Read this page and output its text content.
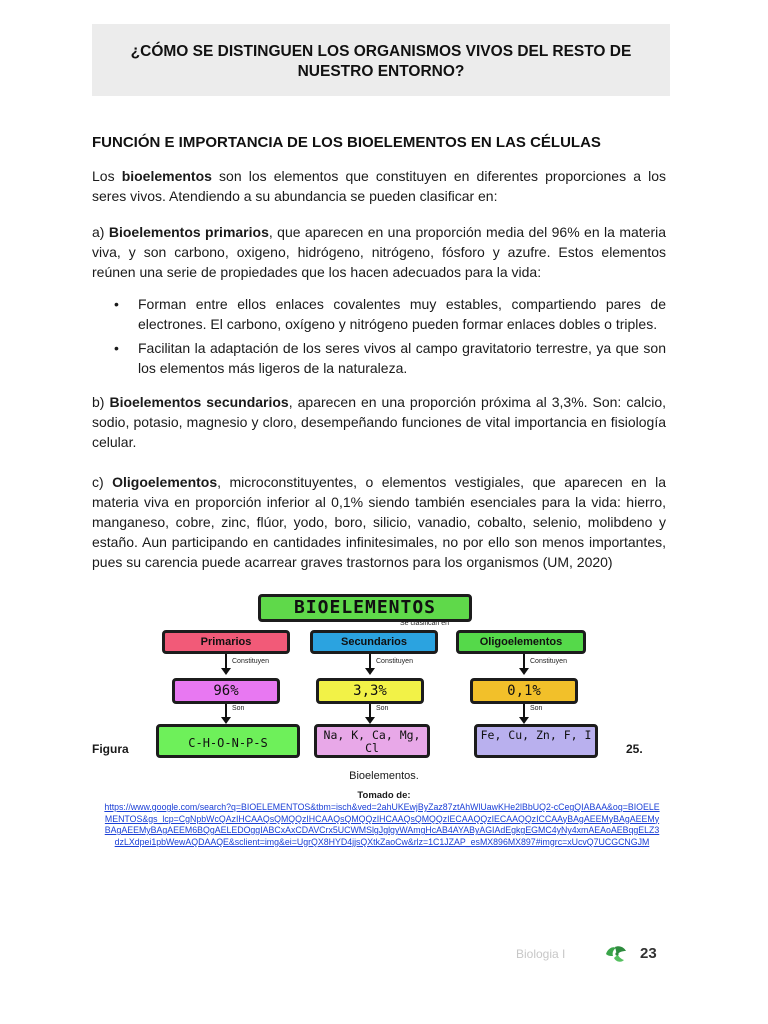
¿CÓMO SE DISTINGUEN LOS ORGANISMOS VIVOS DEL RESTO DE NUESTRO ENTORNO?
FUNCIÓN E IMPORTANCIA DE LOS BIOELEMENTOS EN LAS CÉLULAS
Los bioelementos son los elementos que constituyen en diferentes proporciones a los seres vivos. Atendiendo a su abundancia se pueden clasificar en:
a) Bioelementos primarios, que aparecen en una proporción media del 96% en la materia viva, y son carbono, oxigeno, hidrógeno, nitrógeno, fósforo y azufre. Estos elementos reúnen una serie de propiedades que los hacen adecuados para la vida:
• Forman entre ellos enlaces covalentes muy estables, compartiendo pares de electrones. El carbono, oxígeno y nitrógeno pueden formar enlaces dobles o triples.
• Facilitan la adaptación de los seres vivos al campo gravitatorio terrestre, ya que son los elementos más ligeros de la naturaleza.
b) Bioelementos secundarios, aparecen en una proporción próxima al 3,3%. Son: calcio, sodio, potasio, magnesio y cloro, desempeñando funciones de vital importancia en fisiología celular.
c) Oligoelementos, microconstituyentes, o elementos vestigiales, que aparecen en la materia viva en proporción inferior al 0,1% siendo también esenciales para la vida: hierro, manganeso, cobre, zinc, flúor, yodo, boro, silicio, vanadio, cobalto, selenio, molibdeno y estaño. Aun participando en cantidades infinitesimales, no por ello son menos importantes, pues su carencia puede acarrear graves trastornos para los organismos (UM, 2020)
BIOELEMENTOS
Se clasifican en
Primarios	Secundarios	Oligoelementos
Constituyen	Constituyen	Constituyen
96%	3,3%	0,1%
Son	Son	Son
C-H-O-N-P-S
Na, K, Ca, Mg, Cl
Fe, Cu, Zn, F, I
Figura	25.
Bioelementos.
Tomado de:
https://www.google.com/search?q=BIOELEMENTOS&tbm=isch&ved=2ahUKEwjByZaz87ztAhWlUawKHe2lBbUQ2-cCegQIABAA&oq=BIOELEMENTOS&gs_lcp=CgNpbWcQAzIHCAAQsQMQQzIHCAAQsQMQQzIHCAAQsQMQQzIECAAQQzIECAAQQzICCAAyBAgAEEMyBAgAEEMyBAgAEEMyBAgAEEM6BQgAELEDOggIABCxAxCDAVCrx5UCWMSlgJglgyWAmgHcAB4AYAByAGIAdEgkgEGMC4yNy4xmAEAoAEBqgELZ3dzLXdpei1pbWewAQDAAQE&sclient=img&ei=UgrQX8HYD4jjsQXtkZaoCw&rlz=1C1JZAP_esMX896MX897#imgrc=xUcvQ7UCGCNGJM
Biologia I	23
